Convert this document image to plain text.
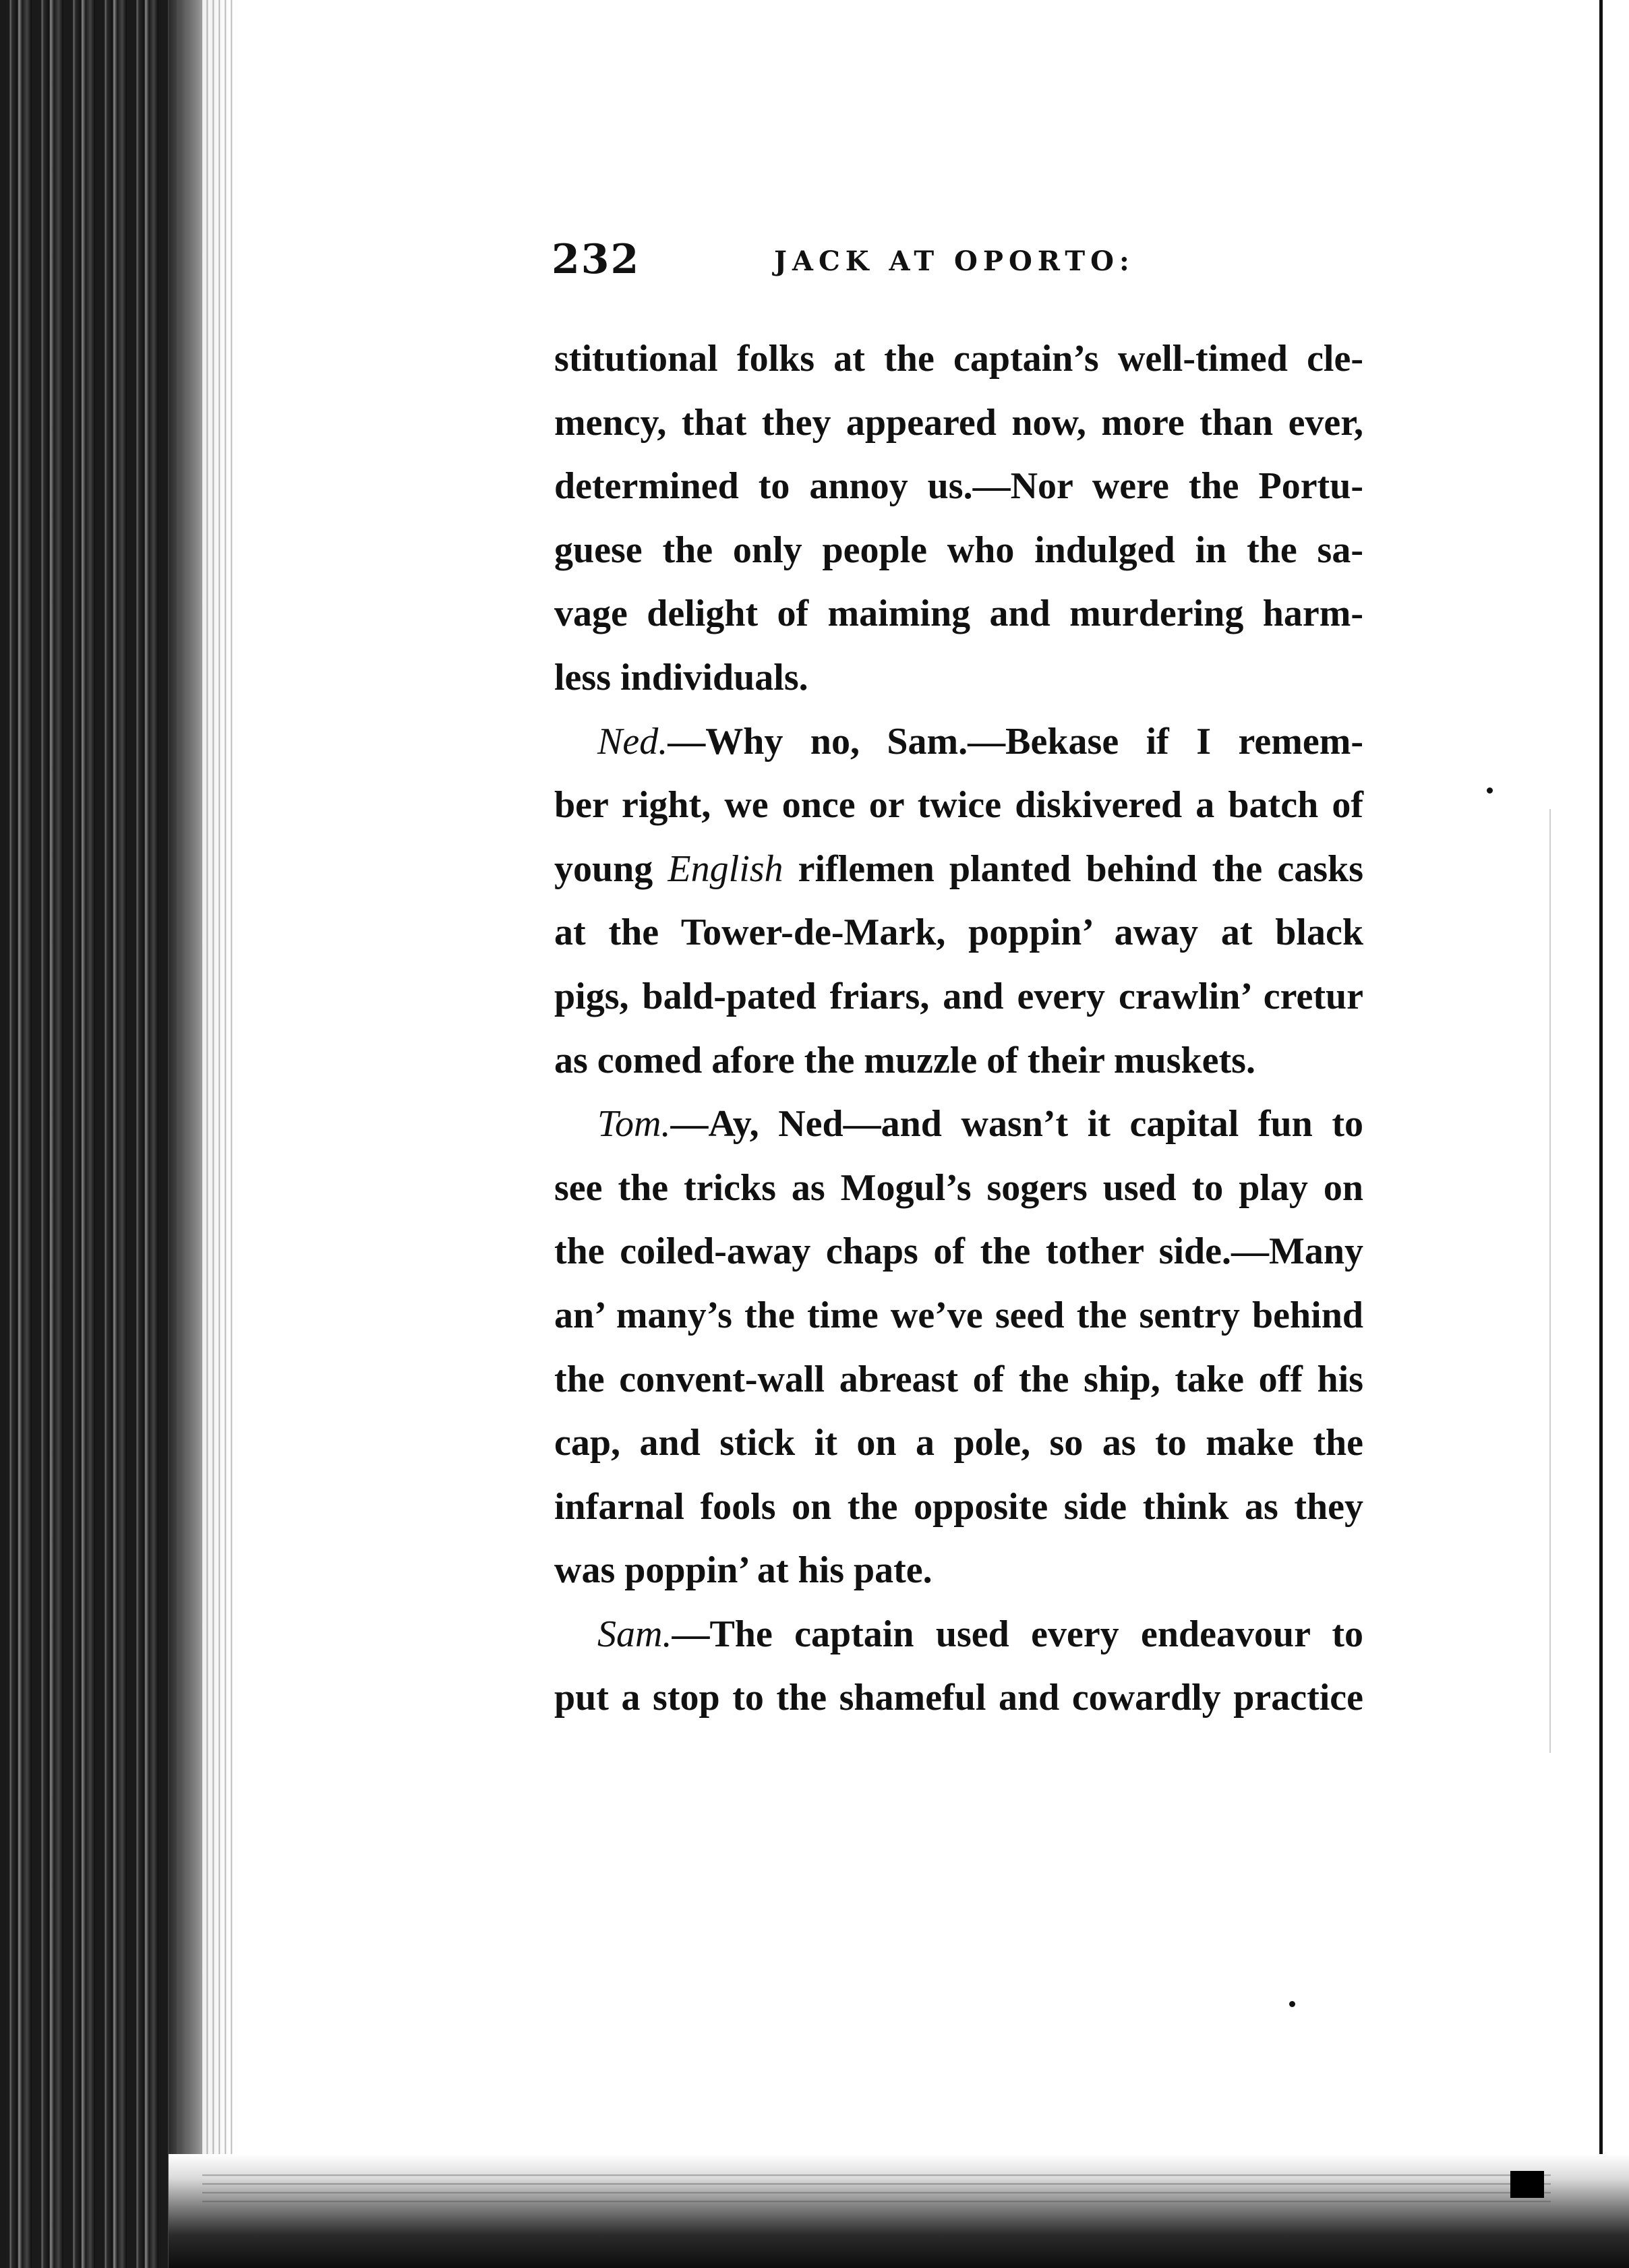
232	JACK AT OPORTO:
stitutional folks at the captain’s well-timed cle-
mency, that they appeared now, more than ever,
determined to annoy us.—Nor were the Portu-
guese the only people who indulged in the sa-
vage delight of maiming and murdering harm-
less individuals.
Ned.—Why no, Sam.—Bekase if I remem-
ber right, we once or twice diskivered a batch of
young English riflemen planted behind the casks
at the Tower-de-Mark, poppin’ away at black
pigs, bald-pated friars, and every crawlin’ cretur
as comed afore the muzzle of their muskets.
Tom.—Ay, Ned—and wasn’t it capital fun to
see the tricks as Mogul’s sogers used to play on
the coiled-away chaps of the tother side.—Many
an’ many’s the time we’ve seed the sentry behind
the convent-wall abreast of the ship, take off his
cap, and stick it on a pole, so as to make the
infarnal fools on the opposite side think as they
was poppin’ at his pate.
Sam.—The captain used every endeavour to
put a stop to the shameful and cowardly practice
